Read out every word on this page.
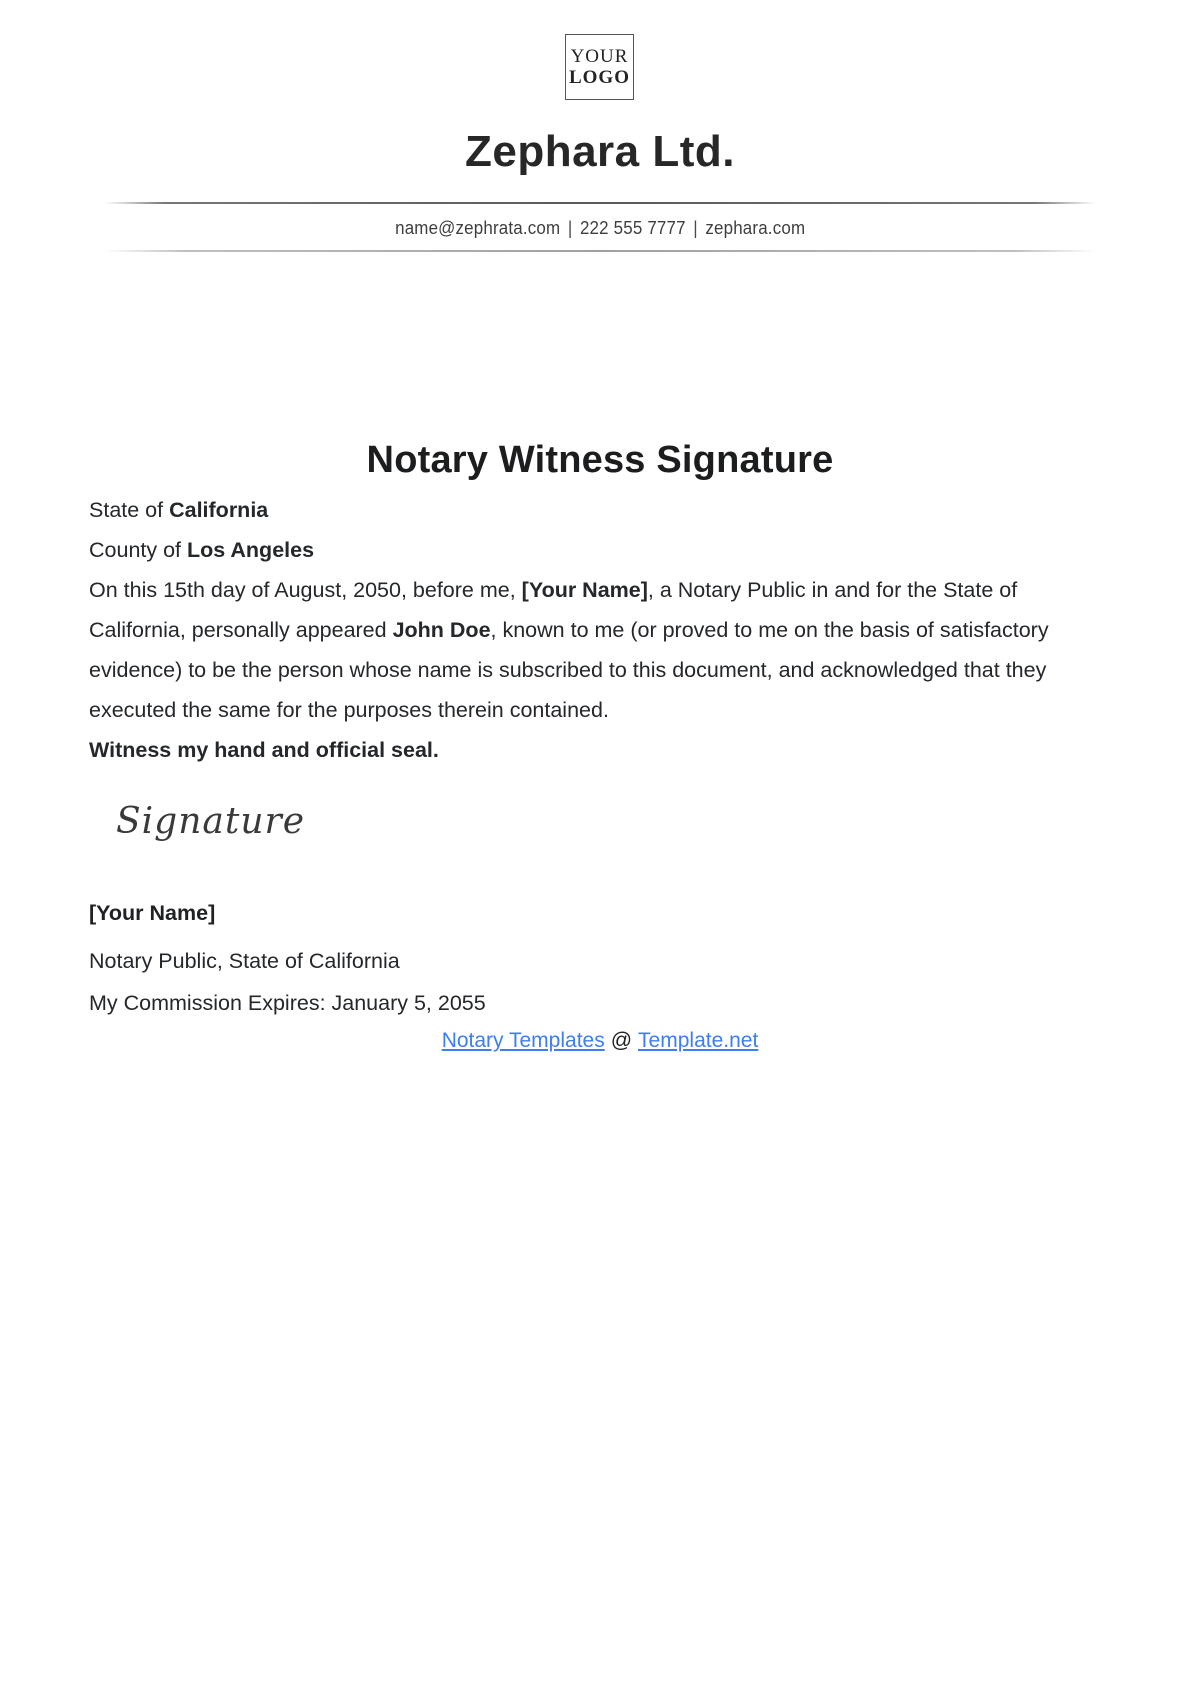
YOUR
LOGO
Zephara Ltd.
name@zephrata.com | 222 555 7777 | zephara.com
Notary Witness Signature
State of California
County of Los Angeles
On this 15th day of August, 2050, before me, [Your Name], a Notary Public in and for the State of California, personally appeared John Doe, known to me (or proved to me on the basis of satisfactory evidence) to be the person whose name is subscribed to this document, and acknowledged that they executed the same for the purposes therein contained.
Witness my hand and official seal.
Signature
[Your Name]
Notary Public, State of California
My Commission Expires: January 5, 2055
Notary Templates @ Template.net
